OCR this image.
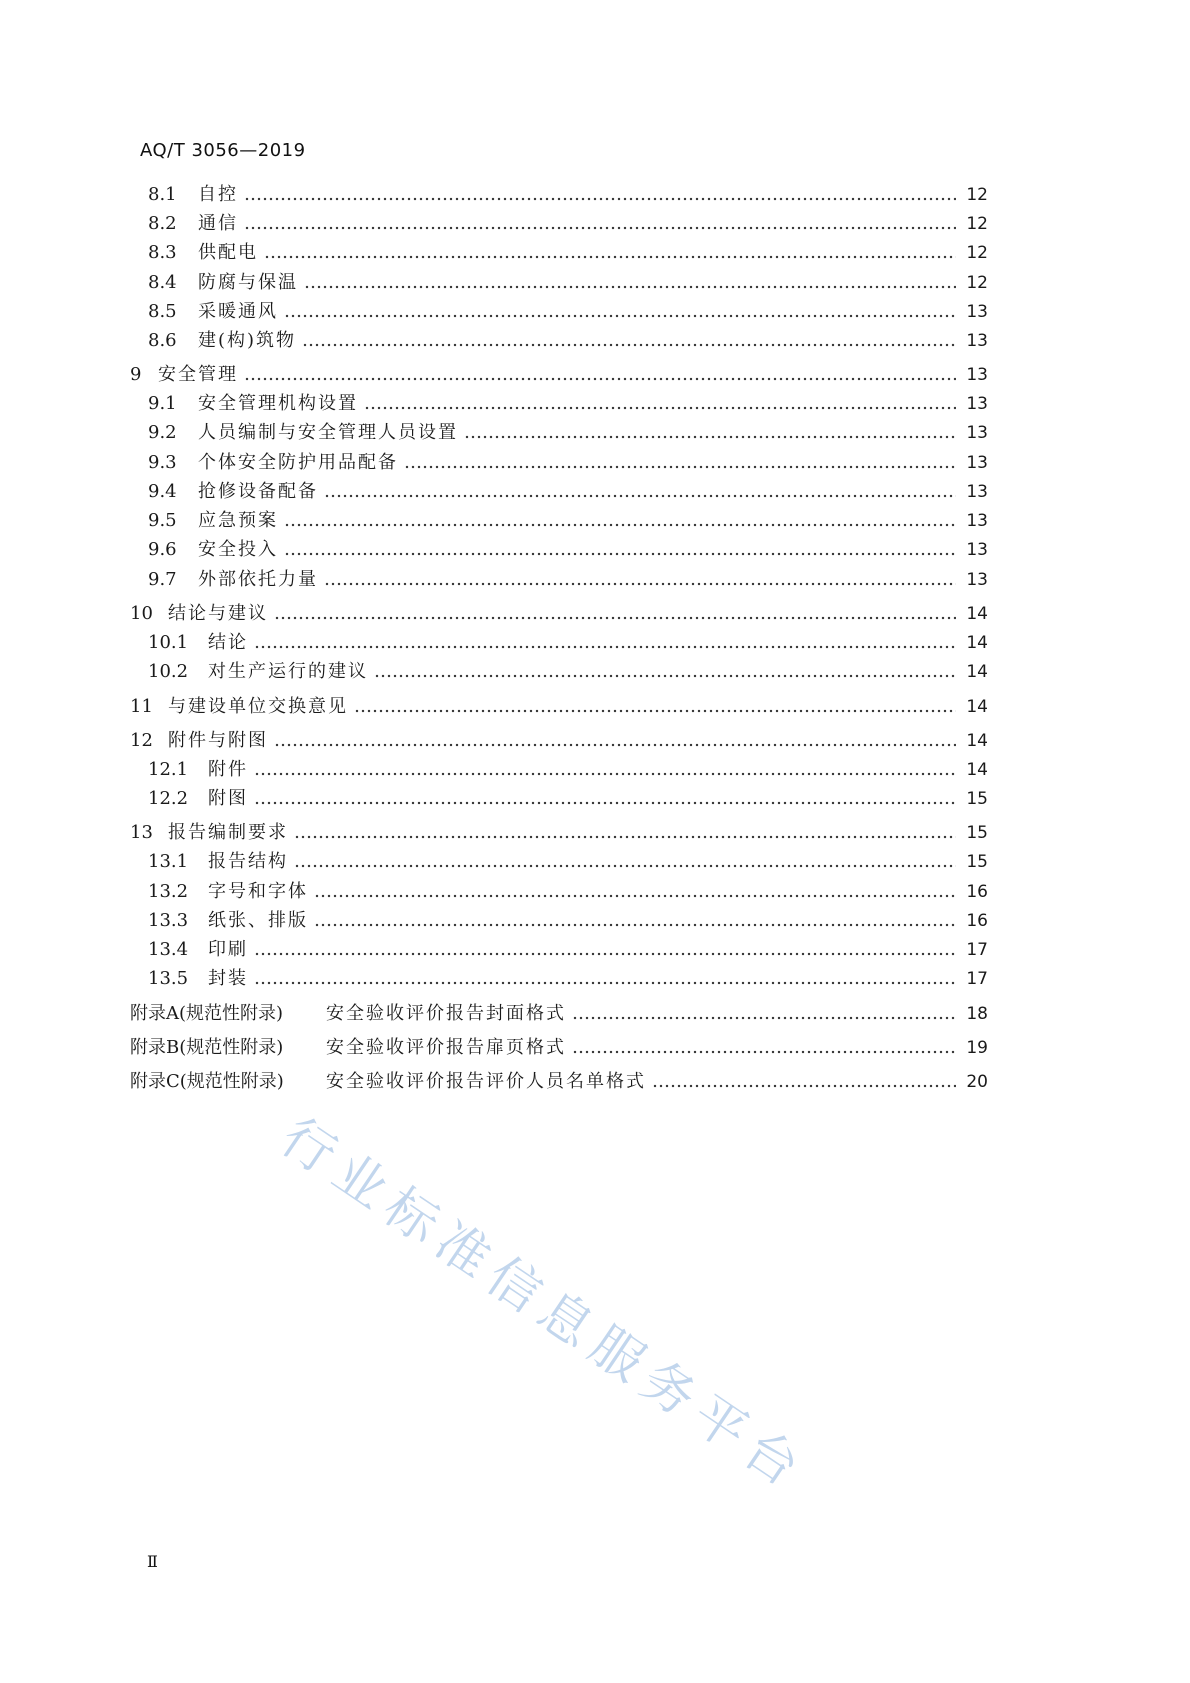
AQ/T 3056—2019
8.1	自控	12
8.2	通信	12
8.3	供配电	12
8.4	防腐与保温	12
8.5	采暖通风	13
8.6	建(构)筑物	13
9 安全管理	13
9.1	安全管理机构设置	13
9.2	人员编制与安全管理人员设置	13
9.3	个体安全防护用品配备	13
9.4	抢修设备配备	13
9.5	应急预案	13
9.6	安全投入	13
9.7	外部依托力量	13
10 结论与建议	14
10.1	结论	14
10.2	对生产运行的建议	14
11 与建设单位交换意见	14
12 附件与附图	14
12.1	附件	14
12.2	附图	15
13 报告编制要求	15
13.1	报告结构	15
13.2	字号和字体	16
13.3	纸张、排版	16
13.4	印刷	17
13.5	封装	17
附录A(规范性附录)	安全验收评价报告封面格式	18
附录B(规范性附录)	安全验收评价报告扉页格式	19
附录C(规范性附录)	安全验收评价报告评价人员名单格式	20
Ⅱ
行业标准信息服务平台
